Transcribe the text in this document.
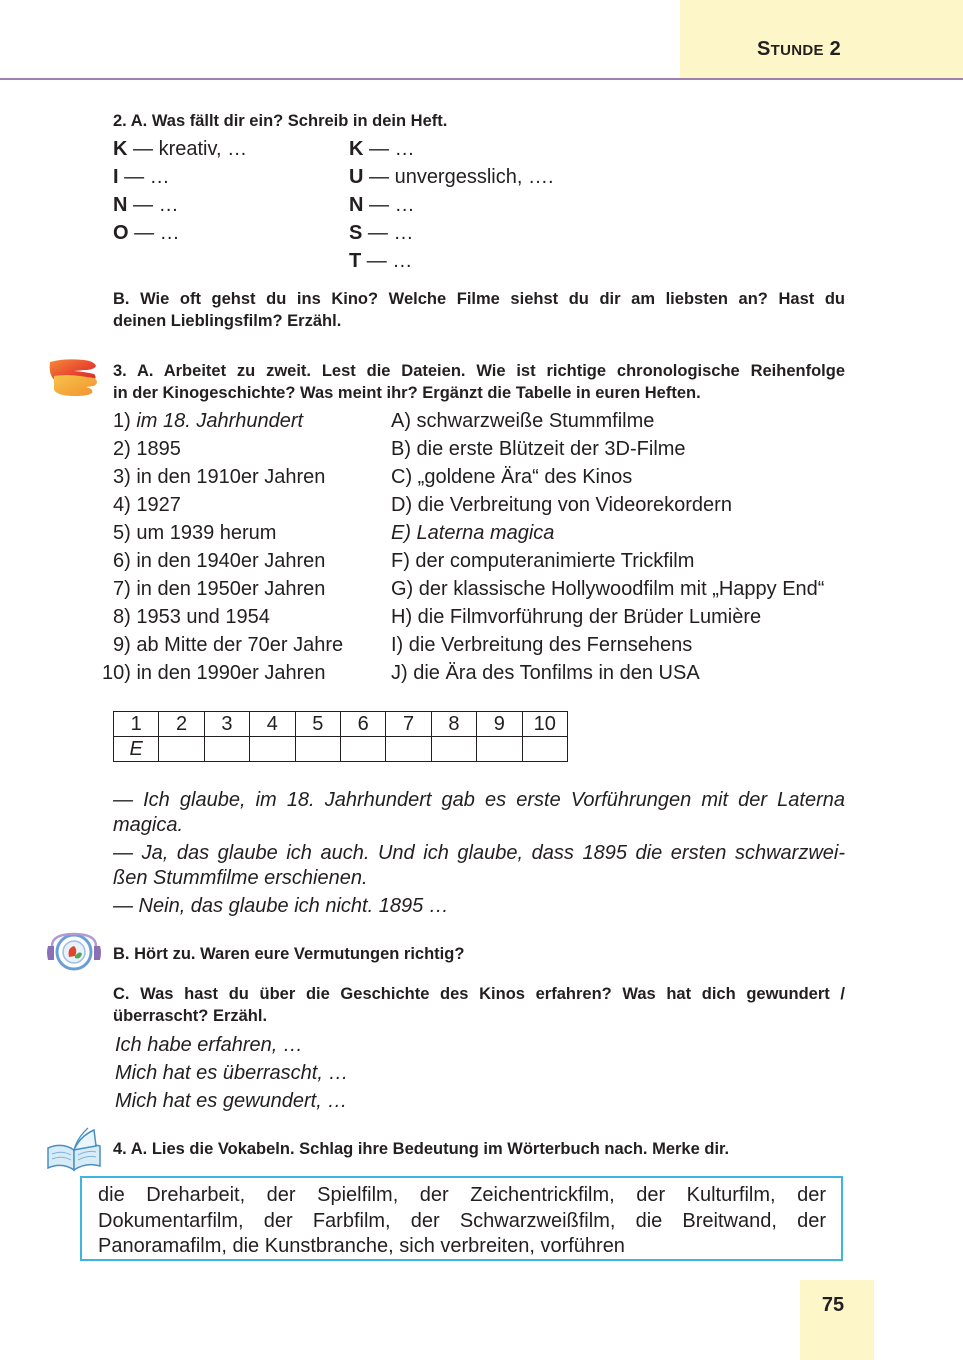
STUNDE 2
2. A. Was fällt dir ein? Schreib in dein Heft.
K — kreativ, …
I — …
N — …
O — …
K — …
U — unvergesslich, ….
N — …
S — …
T — …
B. Wie oft gehst du ins Kino? Welche Filme siehst du dir am liebsten an? Hast du
deinen Lieblingsfilm? Erzähl.
3. A. Arbeitet zu zweit. Lest die Dateien. Wie ist richtige chronologische Reihenfolge
in der Kinogeschichte? Was meint ihr? Ergänzt die Tabelle in euren Heften.
1) im 18. Jahrhundert
2) 1895
3) in den 1910er Jahren
4) 1927
5) um 1939 herum
6) in den 1940er Jahren
7) in den 1950er Jahren
8) 1953 und 1954
9) ab Mitte der 70er Jahre
10) in den 1990er Jahren
A) schwarzweiße Stummfilme
B) die erste Blützeit der 3D-Filme
C) „goldene Ära“ des Kinos
D) die Verbreitung von Videorekordern
E) Laterna magica
F) der computeranimierte Trickfilm
G) der klassische Hollywoodfilm mit „Happy End“
H) die Filmvorführung der Brüder Lumière
I) die Verbreitung des Fernsehens
J) die Ära des Tonfilms in den USA
1	2	3	4	5	6	7	8	9	10
E									
— Ich glaube, im 18. Jahrhundert gab es erste Vorführungen mit der Laterna
magica.
— Ja, das glaube ich auch. Und ich glaube, dass 1895 die ersten schwarzwei-
ßen Stummfilme erschienen.
— Nein, das glaube ich nicht. 1895 …
B. Hört zu. Waren eure Vermutungen richtig?
C. Was hast du über die Geschichte des Kinos erfahren? Was hat dich gewundert /
überrascht? Erzähl.
Ich habe erfahren, …
Mich hat es überrascht, …
Mich hat es gewundert, …
4. A. Lies die Vokabeln. Schlag ihre Bedeutung im Wörterbuch nach. Merke dir.
die Dreharbeit, der Spielfilm, der Zeichentrickfilm, der Kulturfilm, der
Dokumentarfilm, der Farbfilm, der Schwarzweißfilm, die Breitwand, der
Panoramafilm, die Kunstbranche, sich verbreiten, vorführen
75
